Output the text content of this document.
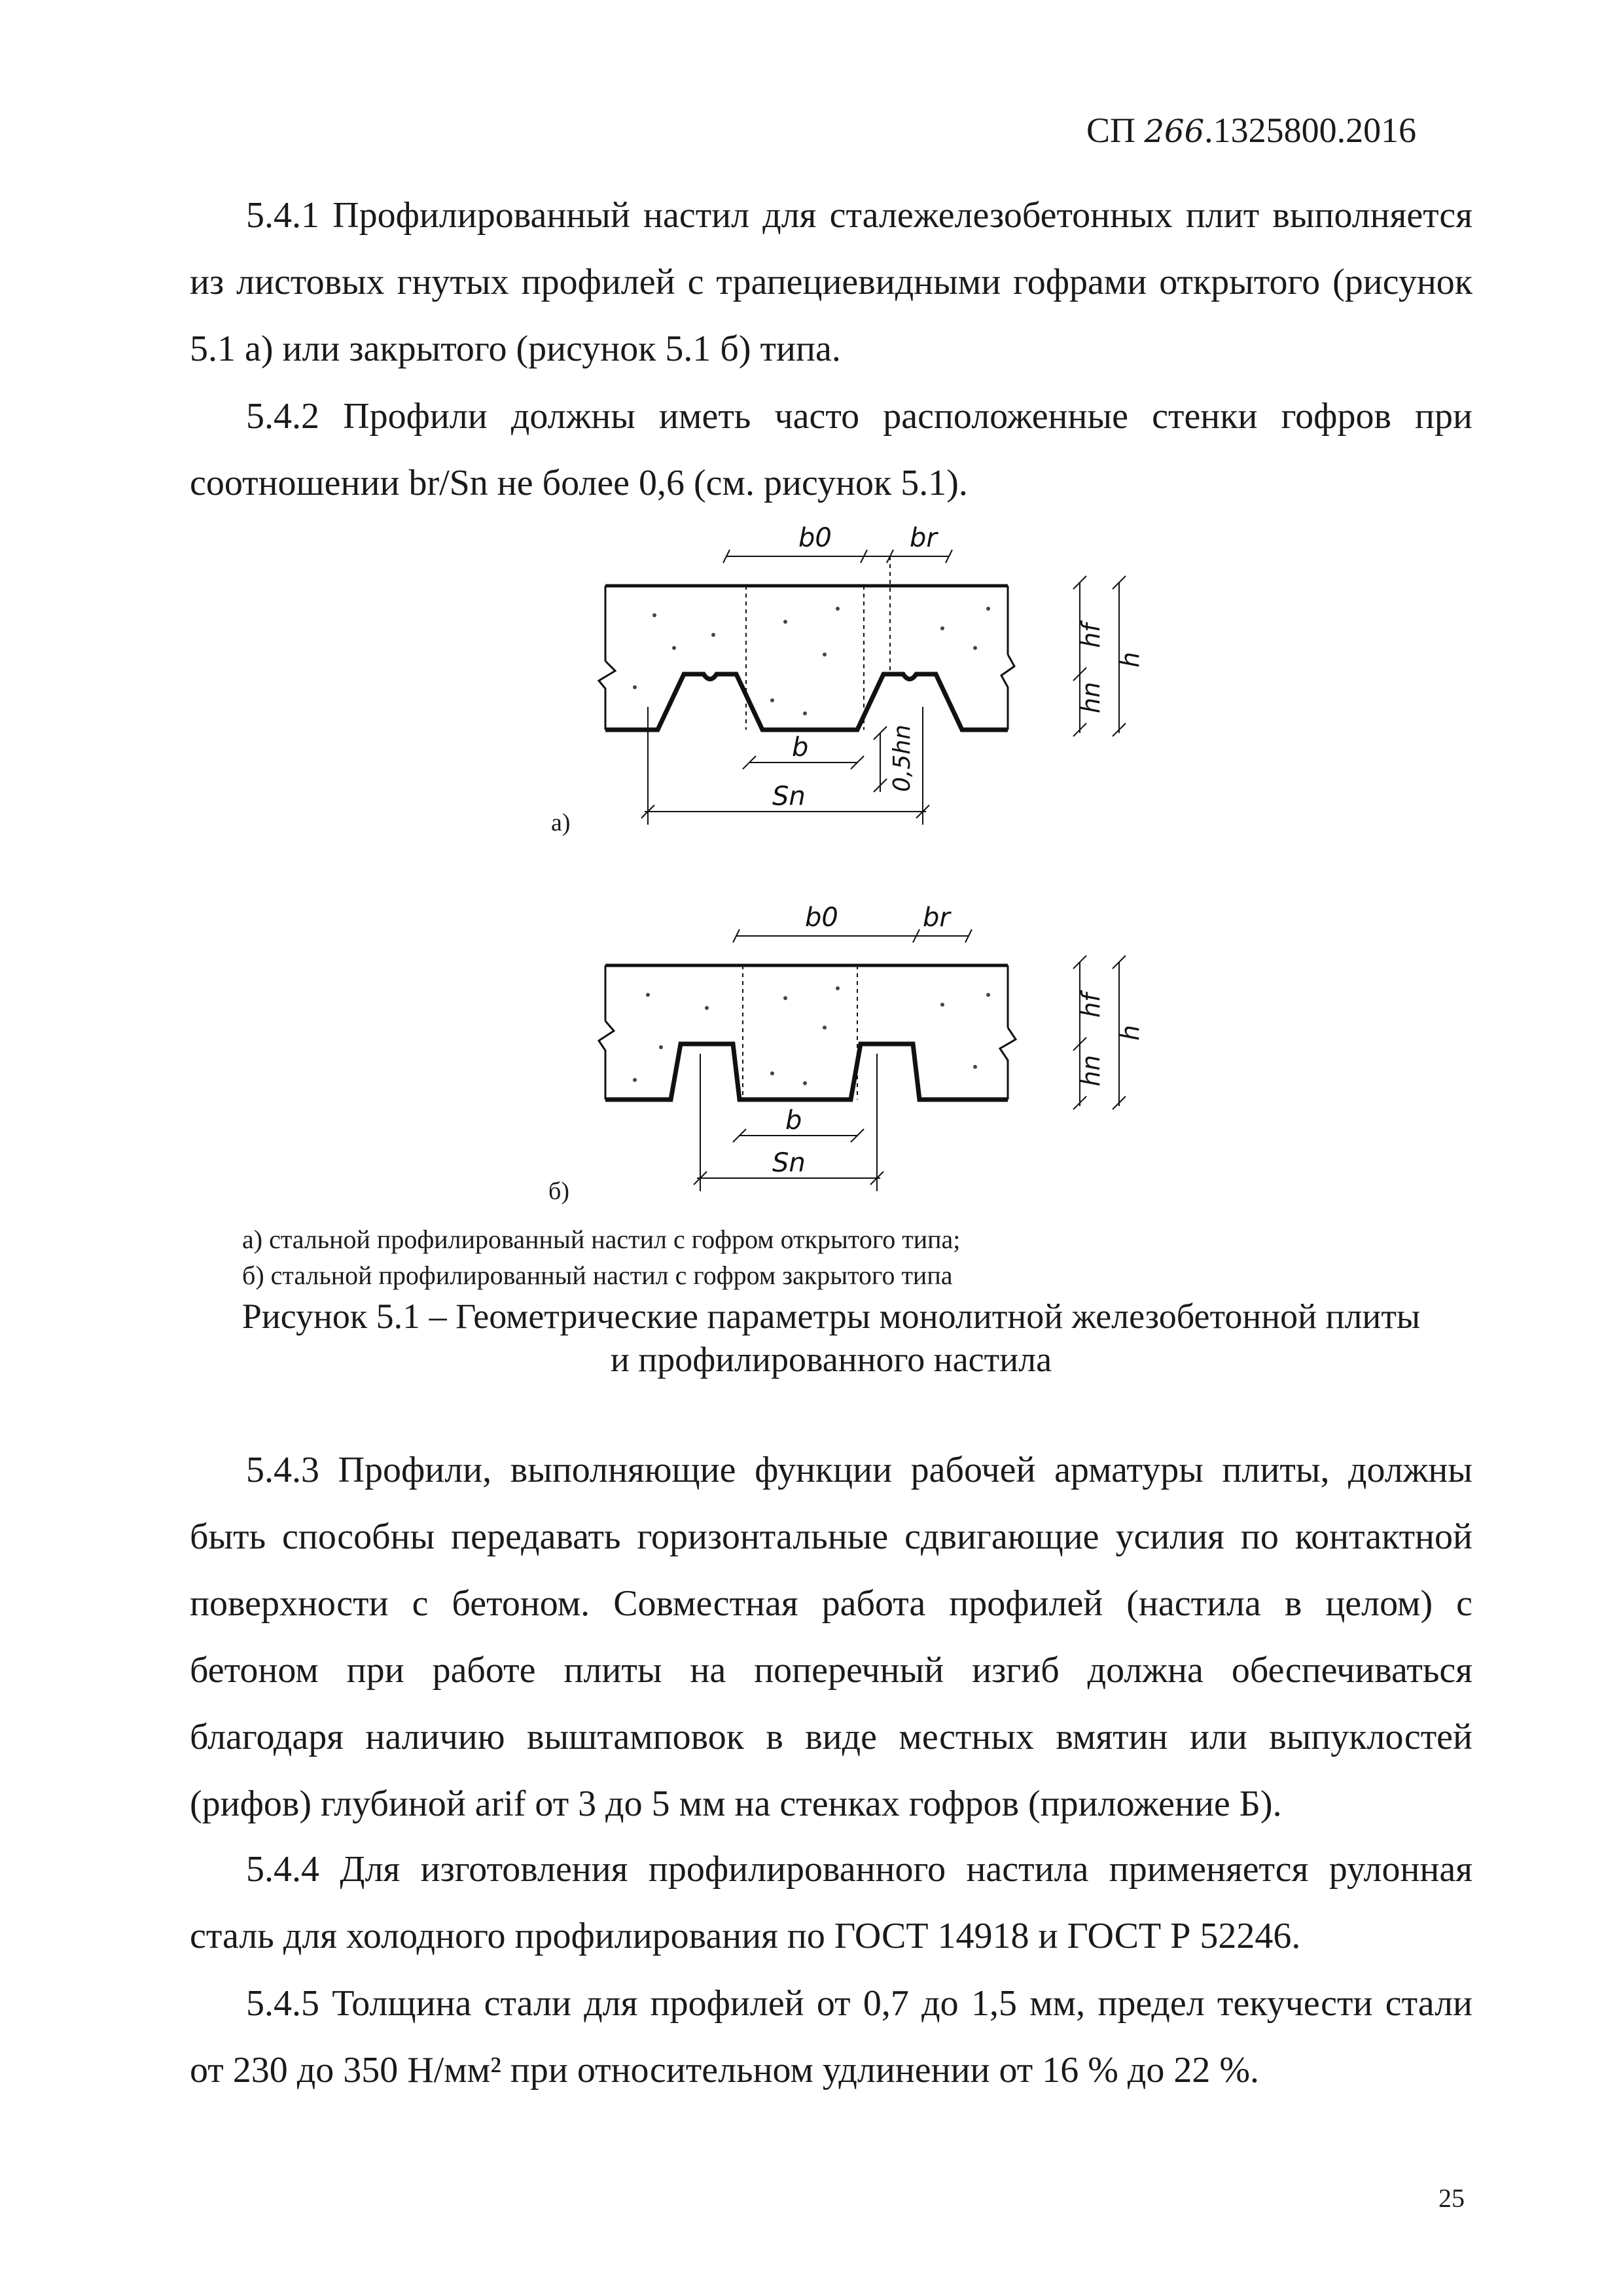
СП 266.1325800.2016

5.4.1 Профилированный настил для сталежелезобетонных плит выполняется из листовых гнутых профилей с трапециевидными гофрами открытого (рисунок 5.1 а) или закрытого (рисунок 5.1 б) типа.

5.4.2 Профили должны иметь часто расположенные стенки гофров при соотношении br/Sn не более 0,6 (см. рисунок 5.1).

b0	br
b
Sn
hf
h
hn
0,5hn
а)
b0	br
b
Sn
hf
h
hn
б)
а) стальной профилированный настил с гофром открытого типа;
б) стальной профилированный настил с гофром закрытого типа
Рисунок 5.1 – Геометрические параметры монолитной железобетонной плиты
и профилированного настила

5.4.3 Профили, выполняющие функции рабочей арматуры плиты, должны быть способны передавать горизонтальные сдвигающие усилия по контактной поверхности с бетоном. Совместная работа профилей (настила в целом) с бетоном при работе плиты на поперечный изгиб должна обеспечиваться благодаря наличию выштамповок в виде местных вмятин или выпуклостей (рифов) глубиной arif от 3 до 5 мм на стенках гофров (приложение Б).

5.4.4 Для изготовления профилированного настила применяется рулонная сталь для холодного профилирования по ГОСТ 14918 и ГОСТ Р 52246.

5.4.5 Толщина стали для профилей от 0,7 до 1,5 мм, предел текучести стали от 230 до 350 Н/мм² при относительном удлинении от 16 % до 22 %.

25
